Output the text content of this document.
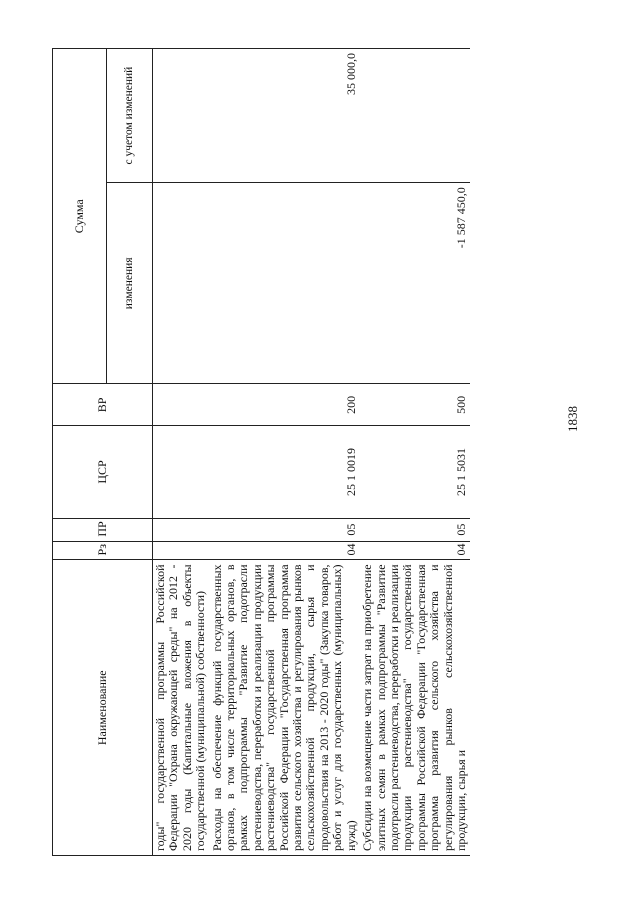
Наименование	Рз	ПР	ЦСР	ВР	Сумма	
					изменения	с учетом изменений
годы" государственной программы Российской Федерации "Охрана окружающей среды" на 2012 - 2020 годы (Капитальные вложения в объекты государственной (муниципальной) собственности)						
Расходы на обеспечение функций государственных органов, в том числе территориальных органов, в рамках подпрограммы "Развитие подотрасли растениеводства, переработки и реализации продукции растениеводства" государственной программы Российской Федерации "Государственная программа развития сельского хозяйства и регулирования рынков сельскохозяйственной продукции, сырья и продовольствия на 2013 - 2020 годы" (Закупка товаров, работ и услуг для государственных (муниципальных) нужд)	04	05	25 1 0019	200		35 000,0
Субсидии на возмещение части затрат на приобретение элитных семян в рамках подпрограммы "Развитие подотрасли растениеводства, переработки и реализации продукции растениеводства" государственной программы Российской Федерации "Государственная программа развития сельского хозяйства и регулирования рынков сельскохозяйственной продукции, сырья и	04	05	25 1 5031	500	-1 587 450,0	
1838
